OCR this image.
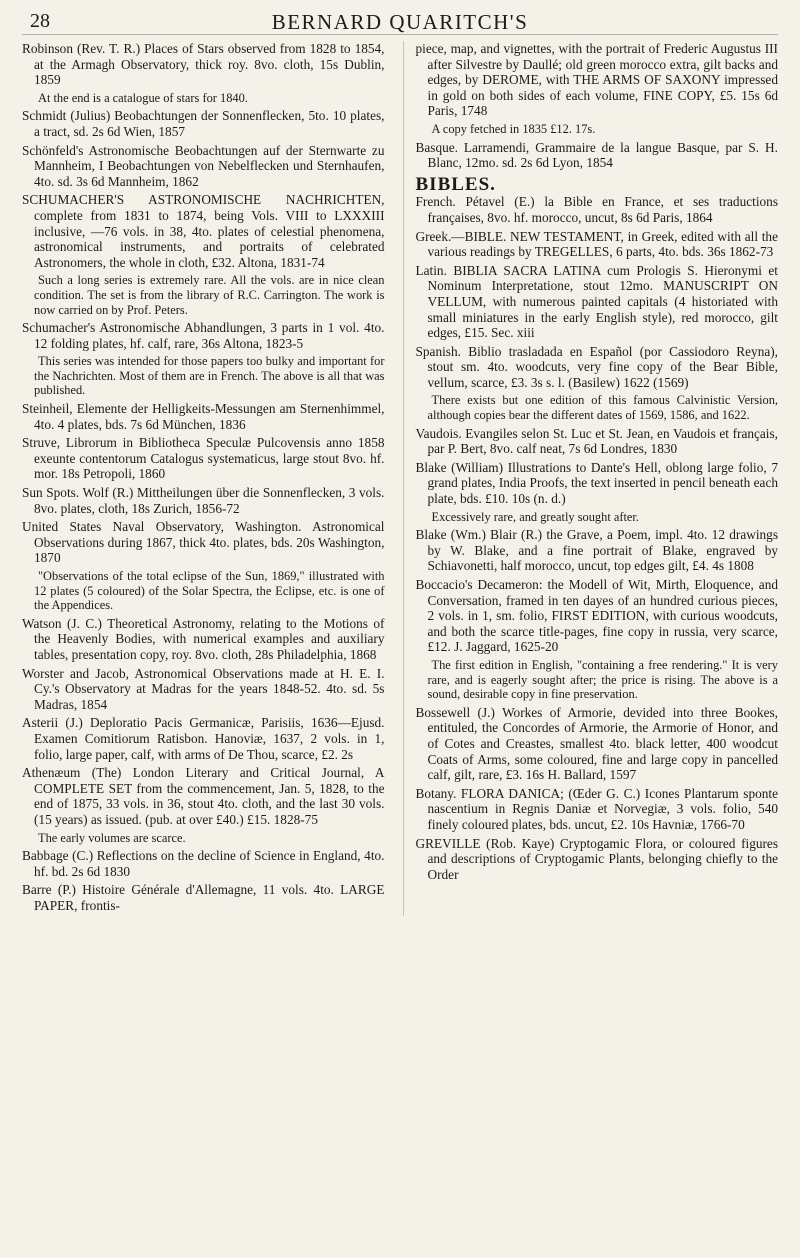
28	BERNARD QUARITCH'S

Robinson (Rev. T. R.) Places of Stars observed from 1828 to 1854, at the Armagh Observatory, thick roy. 8vo. cloth, 15s Dublin, 1859

At the end is a catalogue of stars for 1840.

Schmidt (Julius) Beobachtungen der Sonnenflecken, 5to. 10 plates, a tract, sd. 2s 6d Wien, 1857

Schönfeld's Astronomische Beobachtungen auf der Sternwarte zu Mannheim, I Beobachtungen von Nebelflecken und Sternhaufen, 4to. sd. 3s 6d Mannheim, 1862

SCHUMACHER'S ASTRONOMISCHE NACHRICHTEN, complete from 1831 to 1874, being Vols. VIII to LXXXIII inclusive, —76 vols. in 38, 4to. plates of celestial phenomena, astronomical instruments, and portraits of celebrated Astronomers, the whole in cloth, £32. Altona, 1831-74

Such a long series is extremely rare. All the vols. are in nice clean condition. The set is from the library of R.C. Carrington. The work is now carried on by Prof. Peters.

Schumacher's Astronomische Abhandlungen, 3 parts in 1 vol. 4to. 12 folding plates, hf. calf, rare, 36s Altona, 1823-5

This series was intended for those papers too bulky and important for the Nachrichten. Most of them are in French. The above is all that was published.

Steinheil, Elemente der Helligkeits-Messungen am Sternenhimmel, 4to. 4 plates, bds. 7s 6d München, 1836

Struve, Librorum in Bibliotheca Speculæ Pulcovensis anno 1858 exeunte contentorum Catalogus systematicus, large stout 8vo. hf. mor. 18s Petropoli, 1860

Sun Spots. Wolf (R.) Mittheilungen über die Sonnenflecken, 3 vols. 8vo. plates, cloth, 18s Zurich, 1856-72

United States Naval Observatory, Washington. Astronomical Observations during 1867, thick 4to. plates, bds. 20s Washington, 1870

"Observations of the total eclipse of the Sun, 1869," illustrated with 12 plates (5 coloured) of the Solar Spectra, the Eclipse, etc. is one of the Appendices.

Watson (J. C.) Theoretical Astronomy, relating to the Motions of the Heavenly Bodies, with numerical examples and auxiliary tables, presentation copy, roy. 8vo. cloth, 28s Philadelphia, 1868

Worster and Jacob, Astronomical Observations made at H. E. I. Cy.'s Observatory at Madras for the years 1848-52. 4to. sd. 5s Madras, 1854

Asterii (J.) Deploratio Pacis Germanicæ, Parisiis, 1636—Ejusd. Examen Comitiorum Ratisbon. Hanoviæ, 1637, 2 vols. in 1, folio, large paper, calf, with arms of De Thou, scarce, £2. 2s

Athenæum (The) London Literary and Critical Journal, A COMPLETE SET from the commencement, Jan. 5, 1828, to the end of 1875, 33 vols. in 36, stout 4to. cloth, and the last 30 vols. (15 years) as issued. (pub. at over £40.) £15. 1828-75

The early volumes are scarce.

Babbage (C.) Reflections on the decline of Science in England, 4to. hf. bd. 2s 6d 1830

Barre (P.) Histoire Générale d'Allemagne, 11 vols. 4to. LARGE PAPER, frontis-

piece, map, and vignettes, with the portrait of Frederic Augustus III after Silvestre by Daullé; old green morocco extra, gilt backs and edges, by DEROME, with THE ARMS OF SAXONY impressed in gold on both sides of each volume, FINE COPY, £5. 15s 6d Paris, 1748

A copy fetched in 1835 £12. 17s.

Basque. Larramendi, Grammaire de la langue Basque, par S. H. Blanc, 12mo. sd. 2s 6d Lyon, 1854

BIBLES.

French. Pétavel (E.) la Bible en France, et ses traductions françaises, 8vo. hf. morocco, uncut, 8s 6d Paris, 1864

Greek.—BIBLE. NEW TESTAMENT, in Greek, edited with all the various readings by TREGELLES, 6 parts, 4to. bds. 36s 1862-73

Latin. BIBLIA SACRA LATINA cum Prologis S. Hieronymi et Nominum Interpretatione, stout 12mo. MANUSCRIPT ON VELLUM, with numerous painted capitals (4 historiated with small miniatures in the early English style), red morocco, gilt edges, £15. Sec. xiii

Spanish. Biblio trasladada en Español (por Cassiodoro Reyna), stout sm. 4to. woodcuts, very fine copy of the Bear Bible, vellum, scarce, £3. 3s s. l. (Basilew) 1622 (1569)

There exists but one edition of this famous Calvinistic Version, although copies bear the different dates of 1569, 1586, and 1622.

Vaudois. Evangiles selon St. Luc et St. Jean, en Vaudois et français, par P. Bert, 8vo. calf neat, 7s 6d Londres, 1830

Blake (William) Illustrations to Dante's Hell, oblong large folio, 7 grand plates, India Proofs, the text inserted in pencil beneath each plate, bds. £10. 10s (n. d.)

Excessively rare, and greatly sought after.

Blake (Wm.) Blair (R.) the Grave, a Poem, impl. 4to. 12 drawings by W. Blake, and a fine portrait of Blake, engraved by Schiavonetti, half morocco, uncut, top edges gilt, £4. 4s 1808

Boccacio's Decameron: the Modell of Wit, Mirth, Eloquence, and Conversation, framed in ten dayes of an hundred curious pieces, 2 vols. in 1, sm. folio, FIRST EDITION, with curious woodcuts, and both the scarce title-pages, fine copy in russia, very scarce, £12. J. Jaggard, 1625-20

The first edition in English, "containing a free rendering." It is very rare, and is eagerly sought after; the price is rising. The above is a sound, desirable copy in fine preservation.

Bossewell (J.) Workes of Armorie, devided into three Bookes, entituled, the Concordes of Armorie, the Armorie of Honor, and of Cotes and Creastes, smallest 4to. black letter, 400 woodcut Coats of Arms, some coloured, fine and large copy in pancelled calf, gilt, rare, £3. 16s H. Ballard, 1597

Botany. FLORA DANICA; (Œder G. C.) Icones Plantarum sponte nascentium in Regnis Daniæ et Norvegiæ, 3 vols. folio, 540 finely coloured plates, bds. uncut, £2. 10s Havniæ, 1766-70

GREVILLE (Rob. Kaye) Cryptogamic Flora, or coloured figures and descriptions of Cryptogamic Plants, belonging chiefly to the Order
